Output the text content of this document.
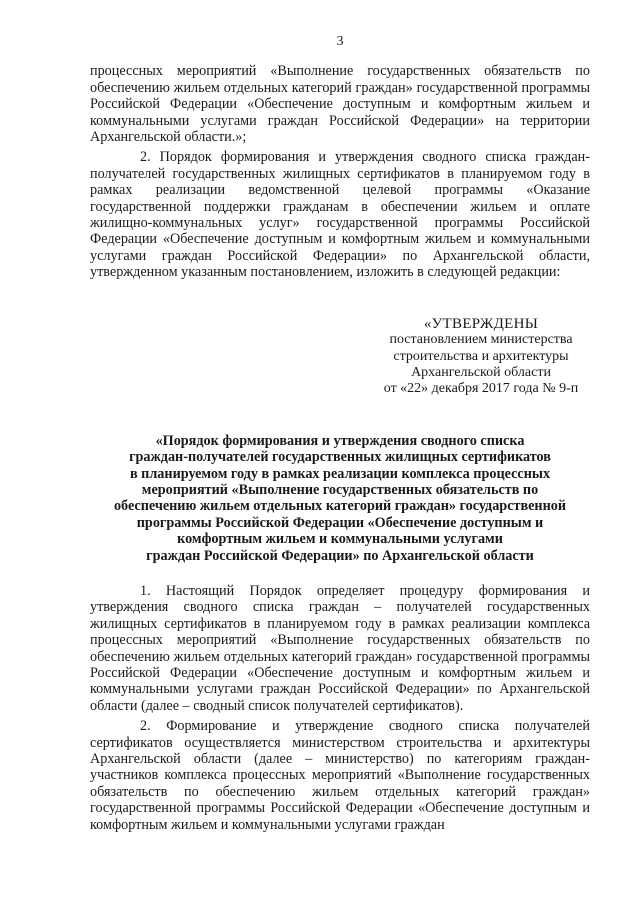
3

процессных мероприятий «Выполнение государственных обязательств по обеспечению жильем отдельных категорий граждан» государственной программы Российской Федерации «Обеспечение доступным и комфортным жильем и коммунальными услугами граждан Российской Федерации» на территории Архангельской области.»;

2. Порядок формирования и утверждения сводного списка граждан-получателей государственных жилищных сертификатов в планируемом году в рамках реализации ведомственной целевой программы «Оказание государственной поддержки гражданам в обеспечении жильем и оплате жилищно-коммунальных услуг» государственной программы Российской Федерации «Обеспечение доступным и комфортным жильем и коммунальными услугами граждан Российской Федерации» по Архангельской области, утвержденном указанным постановлением, изложить в следующей редакции:

«УТВЕРЖДЕНЫ
постановлением министерства
строительства и архитектуры
Архангельской области
от «22» декабря 2017 года № 9-п
«Порядок формирования и утверждения сводного списка
граждан-получателей государственных жилищных сертификатов
в планируемом году в рамках реализации комплекса процессных
мероприятий «Выполнение государственных обязательств по
обеспечению жильем отдельных категорий граждан» государственной
программы Российской Федерации «Обеспечение доступным и
комфортным жильем и коммунальными услугами
граждан Российской Федерации» по Архангельской области

1. Настоящий Порядок определяет процедуру формирования и утверждения сводного списка граждан – получателей государственных жилищных сертификатов в планируемом году в рамках реализации комплекса процессных мероприятий «Выполнение государственных обязательств по обеспечению жильем отдельных категорий граждан» государственной программы Российской Федерации «Обеспечение доступным и комфортным жильем и коммунальными услугами граждан Российской Федерации» по Архангельской области (далее – сводный список получателей сертификатов).

2. Формирование и утверждение сводного списка получателей сертификатов осуществляется министерством строительства и архитектуры Архангельской области (далее – министерство) по категориям граждан-участников комплекса процессных мероприятий «Выполнение государственных обязательств по обеспечению жильем отдельных категорий граждан» государственной программы Российской Федерации «Обеспечение доступным и комфортным жильем и коммунальными услугами граждан
